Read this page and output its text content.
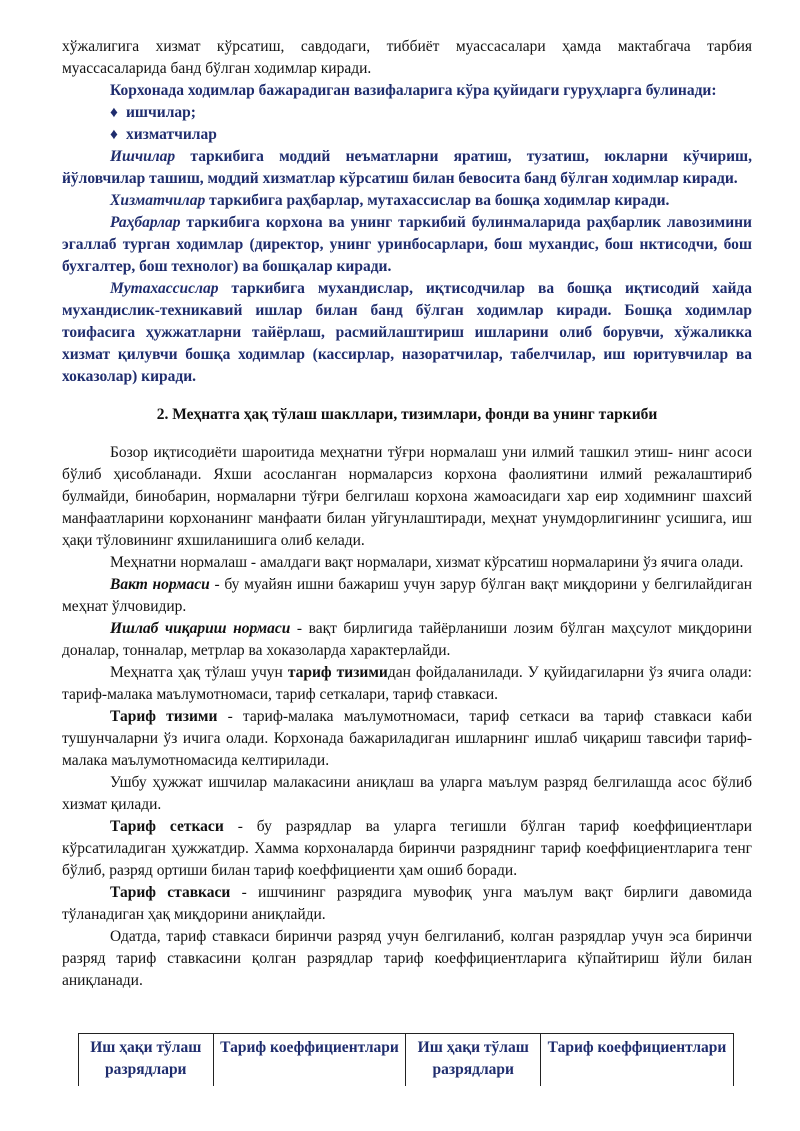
хўжалигига хизмат кўрсатиш, савдодаги, тиббиёт муассасалари ҳамда мактабгача тарбия муассасаларида банд бўлган ходимлар киради.

Корхонада ходимлар бажарадиган вазифаларига кўра қуйидаги гуруҳларга булинади:

♦ ишчилар;

♦ хизматчилар

Ишчилар таркибига моддий неъматларни яратиш, тузатиш, юкларни кўчириш, йўловчилар ташиш, моддий хизматлар кўрсатиш билан бевосита банд бўлган ходимлар киради.

Хизматчилар таркибига раҳбарлар, мутахассислар ва бошқа ходимлар киради.

Раҳбарлар таркибига корхона ва унинг таркибий булинмаларида раҳбарлик лавозимини эгаллаб турган ходимлар (директор, унинг уринбосарлари, бош мухандис, бош нктисодчи, бош бухгалтер, бош технолог) ва бошқалар киради.

Мутахассислар таркибига мухандислар, иқтисодчилар ва бошқа иқтисодий хайда мухандислик-техникавий ишлар билан банд бўлган ходимлар киради. Бошқа ходимлар тоифасига ҳужжатларни тайёрлаш, расмийлаштириш ишларини олиб борувчи, хўжаликка хизмат қилувчи бошқа ходимлар (кассирлар, назоратчилар, табелчилар, иш юритувчилар ва хоказолар) киради.

2. Меҳнатга ҳақ тўлаш шакллари, тизимлари, фонди ва унинг таркиби

Бозор иқтисодиёти шароитида меҳнатни тўғри нормалаш уни илмий ташкил этиш- нинг асоси бўлиб ҳисобланади. Яхши асосланган нормаларсиз корхона фаолиятини илмий режалаштириб булмайди, бинобарин, нормаларни тўғри белгилаш корхона жамоасидаги хар еир ходимнинг шахсий манфаатларини корхонанинг манфаати билан уйгунлаштиради, меҳнат унумдорлигининг усишига, иш ҳақи тўловининг яхшиланишига олиб келади.

Меҳнатни нормалаш - амалдаги вақт нормалари, хизмат кўрсатиш нормаларини ўз ячига олади.

Вакт нормаси - бу муайян ишни бажариш учун зарур бўлган вақт миқдорини у белгилайдиган меҳнат ўлчовидир.

Ишлаб чиқариш нормаси - вақт бирлигида тайёрланиши лозим бўлган маҳсулот миқдорини доналар, тонналар, метрлар ва хоказоларда характерлайди.

Меҳнатга ҳақ тўлаш учун тариф тизимидан фойдаланилади. У қуйидагиларни ўз ячига олади: тариф-малака маълумотномаси, тариф сеткалари, тариф ставкаси.

Тариф тизими - тариф-малака маълумотномаси, тариф сеткаси ва тариф ставкаси каби тушунчаларни ўз ичига олади. Корхонада бажариладиган ишларнинг ишлаб чиқариш тавсифи тариф-малака маълумотномасида келтирилади.

Ушбу ҳужжат ишчилар малакасини аниқлаш ва уларга маълум разряд белгилашда асос бўлиб хизмат қилади.

Тариф сеткаси - бу разрядлар ва уларга тегишли бўлган тариф коеффициентлари кўрсатиладиган ҳужжатдир. Хамма корхоналарда биринчи разряднинг тариф коеффициентларига тенг бўлиб, разряд ортиши билан тариф коеффициенти ҳам ошиб боради.

Тариф ставкаси - ишчининг разрядига мувофиқ унга маълум вақт бирлиги давомида тўланадиган ҳақ миқдорини аниқлайди.

Одатда, тариф ставкаси биринчи разряд учун белгиланиб, колган разрядлар учун эса биринчи разряд тариф ставкасини қолган разрядлар тариф коеффициентларига кўпайтириш йўли билан аниқланади.

Иш ҳақи тўлаш разрядлари	Тариф коеффициентлари	Иш ҳақи тўлаш разрядлари	Тариф коеффициентлари
